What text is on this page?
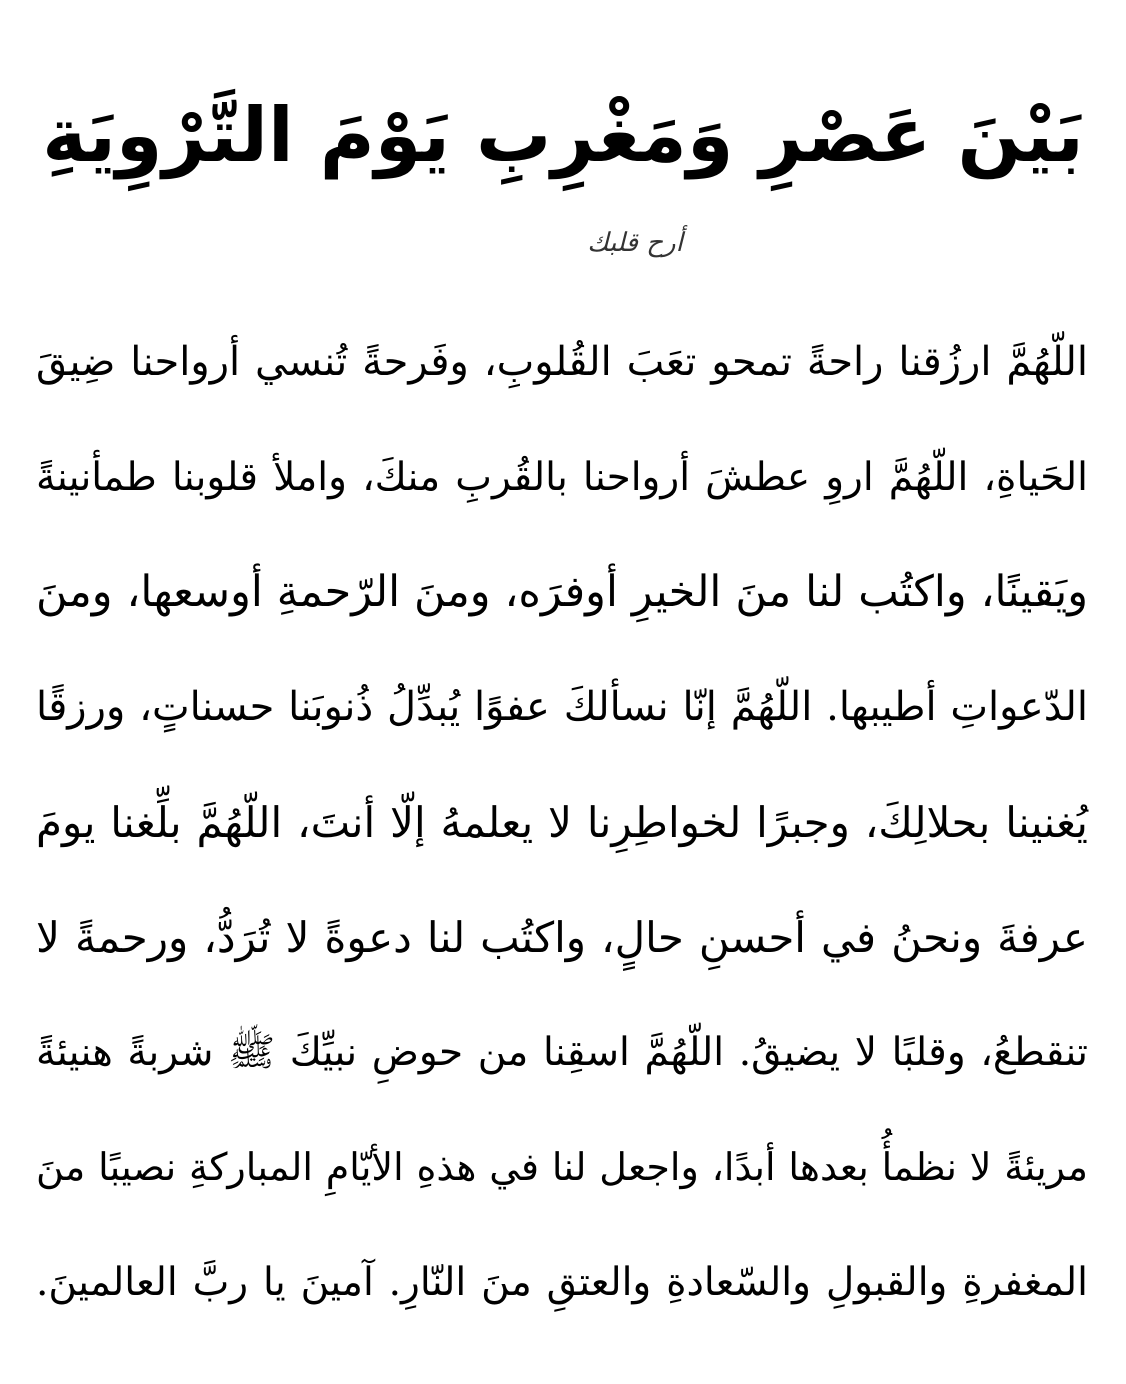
بَيْنَ عَصْرِ وَمَغْرِبِ يَوْمَ التَّرْوِيَةِ
أرح قلبك
اللّهُمَّ ارزُقنا راحةً تمحو تعَبَ القُلوبِ، وفَرحةً تُنسي أرواحنا ضِيقَ
الحَياةِ، اللّهُمَّ اروِ عطشَ أرواحنا بالقُربِ منكَ، واملأ قلوبنا طمأنينةً
ويَقينًا، واكتُب لنا منَ الخيرِ أوفرَه، ومنَ الرّحمةِ أوسعها، ومنَ
الدّعواتِ أطيبها. اللّهُمَّ إنّا نسألكَ عفوًا يُبدِّلُ ذُنوبَنا حسناتٍ، ورزقًا
يُغنينا بحلالِكَ، وجبرًا لخواطِرِنا لا يعلمهُ إلّا أنتَ، اللّهُمَّ بلِّغنا يومَ
عرفةَ ونحنُ في أحسنِ حالٍ، واكتُب لنا دعوةً لا تُرَدُّ، ورحمةً لا
تنقطعُ، وقلبًا لا يضيقُ. اللّهُمَّ اسقِنا من حوضِ نبيِّكَ ﷺ شربةً هنيئةً
مريئةً لا نظمأُ بعدها أبدًا، واجعل لنا في هذهِ الأيّامِ المباركةِ نصيبًا منَ
المغفرةِ والقبولِ والسّعادةِ والعتقِ منَ النّارِ. آمينَ يا ربَّ العالمينَ.
